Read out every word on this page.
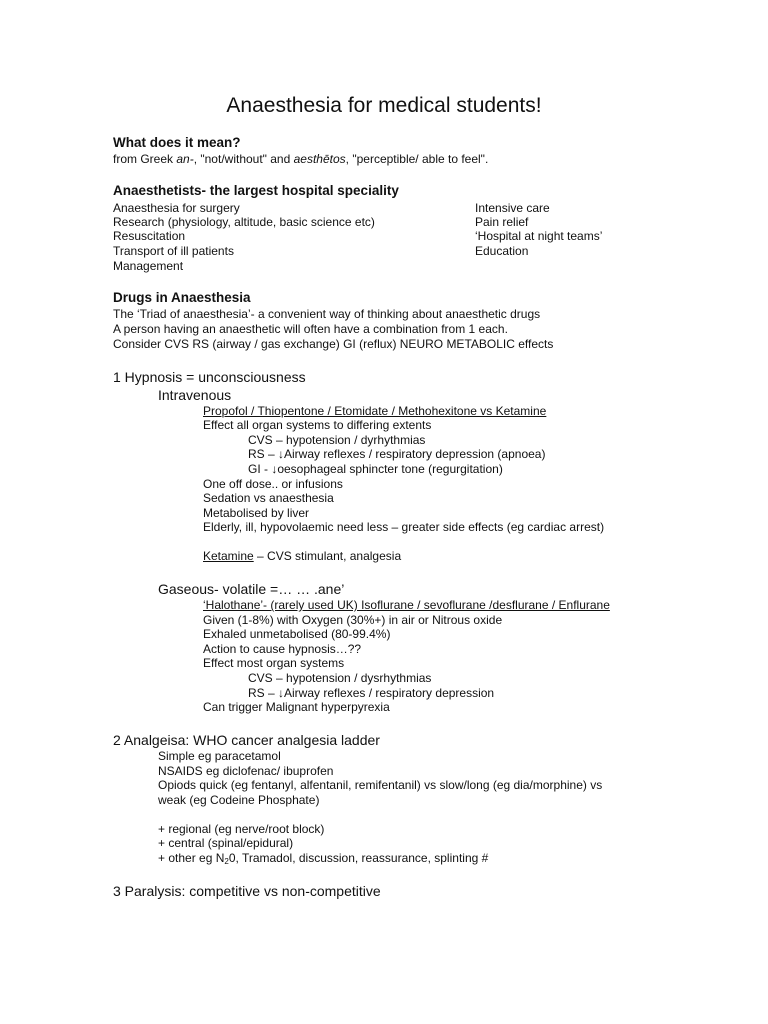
Anaesthesia for medical students!
What does it mean?
from Greek an-, "not/without" and aesthētos, "perceptible/ able to feel".
Anaesthetists- the largest hospital speciality
Anaesthesia for surgery
Research (physiology, altitude, basic science etc)
Resuscitation
Transport of ill patients
Management
Intensive care
Pain relief
‘Hospital at night teams’
Education
Drugs in Anaesthesia
The ‘Triad of anaesthesia’- a convenient way of thinking about anaesthetic drugs
A person having an anaesthetic will often have a combination from 1 each.
Consider CVS RS (airway / gas exchange) GI (reflux) NEURO METABOLIC effects
1 Hypnosis = unconsciousness
Intravenous
Propofol / Thiopentone / Etomidate / Methohexitone vs Ketamine
Effect all organ systems to differing extents
CVS – hypotension / dyrhythmias
RS – ↓Airway reflexes / respiratory depression (apnoea)
GI - ↓oesophageal sphincter tone (regurgitation)
One off dose.. or infusions
Sedation vs anaesthesia
Metabolised by liver
Elderly, ill, hypovolaemic need less – greater side effects (eg cardiac arrest)
Ketamine – CVS stimulant, analgesia
Gaseous- volatile =… … .ane’
‘Halothane’- (rarely used UK) Isoflurane / sevoflurane /desflurane / Enflurane
Given (1-8%) with Oxygen (30%+) in air or Nitrous oxide
Exhaled unmetabolised (80-99.4%)
Action to cause hypnosis…??
Effect most organ systems
CVS – hypotension / dysrhythmias
RS – ↓Airway reflexes / respiratory depression
Can trigger Malignant hyperpyrexia
2 Analgeisa: WHO cancer analgesia ladder
Simple eg paracetamol
NSAIDS eg diclofenac/ ibuprofen
Opiods quick (eg fentanyl, alfentanil, remifentanil) vs slow/long (eg dia/morphine) vs
weak (eg Codeine Phosphate)
+ regional (eg nerve/root block)
+ central (spinal/epidural)
+ other eg N20, Tramadol, discussion, reassurance, splinting #
3 Paralysis: competitive vs non-competitive
